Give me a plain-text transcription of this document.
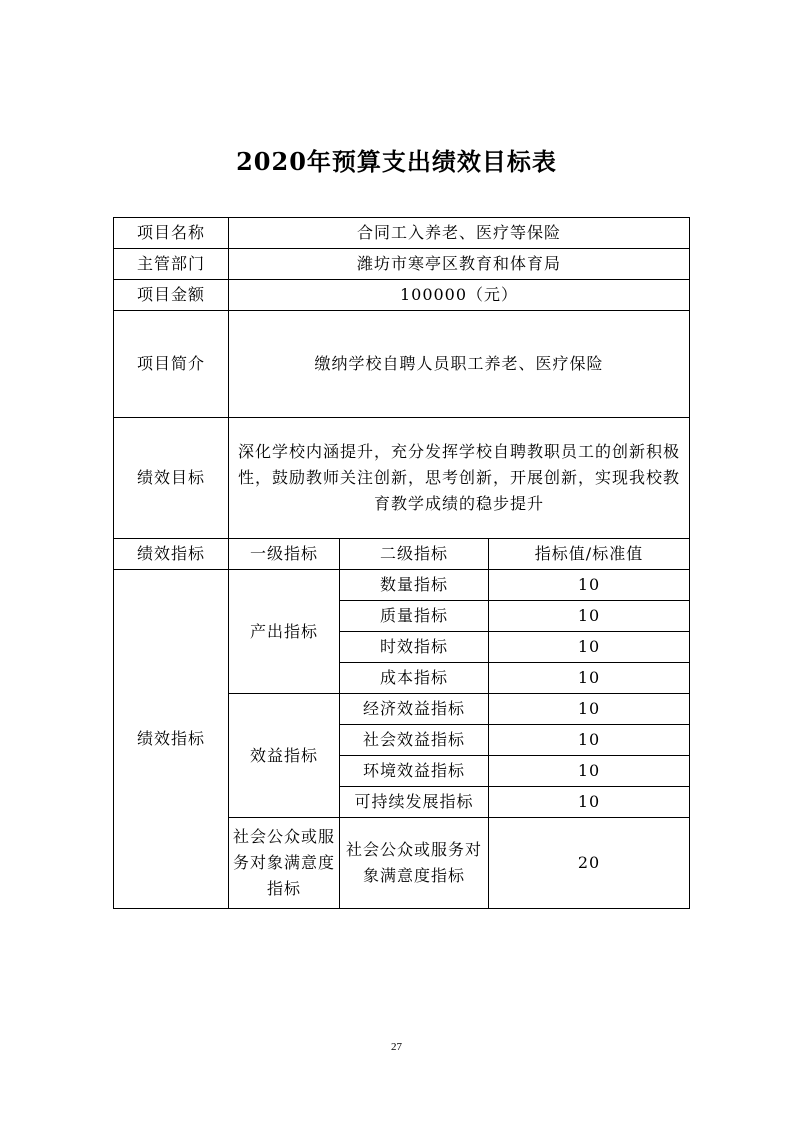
2020年预算支出绩效目标表
项目名称	合同工入养老、医疗等保险		
主管部门	潍坊市寒亭区教育和体育局		
项目金额	100000（元）		
项目简介	缴纳学校自聘人员职工养老、医疗保险		
绩效目标	深化学校内涵提升，充分发挥学校自聘教职员工的创新积极性，鼓励教师关注创新，思考创新，开展创新，实现我校教育教学成绩的稳步提升		
绩效指标	一级指标	二级指标	指标值/标准值
绩效指标	产出指标	数量指标	10
		质量指标	10
		时效指标	10
		成本指标	10
	效益指标	经济效益指标	10
		社会效益指标	10
		环境效益指标	10
		可持续发展指标	10
	社会公众或服务对象满意度指标	社会公众或服务对象满意度指标	20
27
